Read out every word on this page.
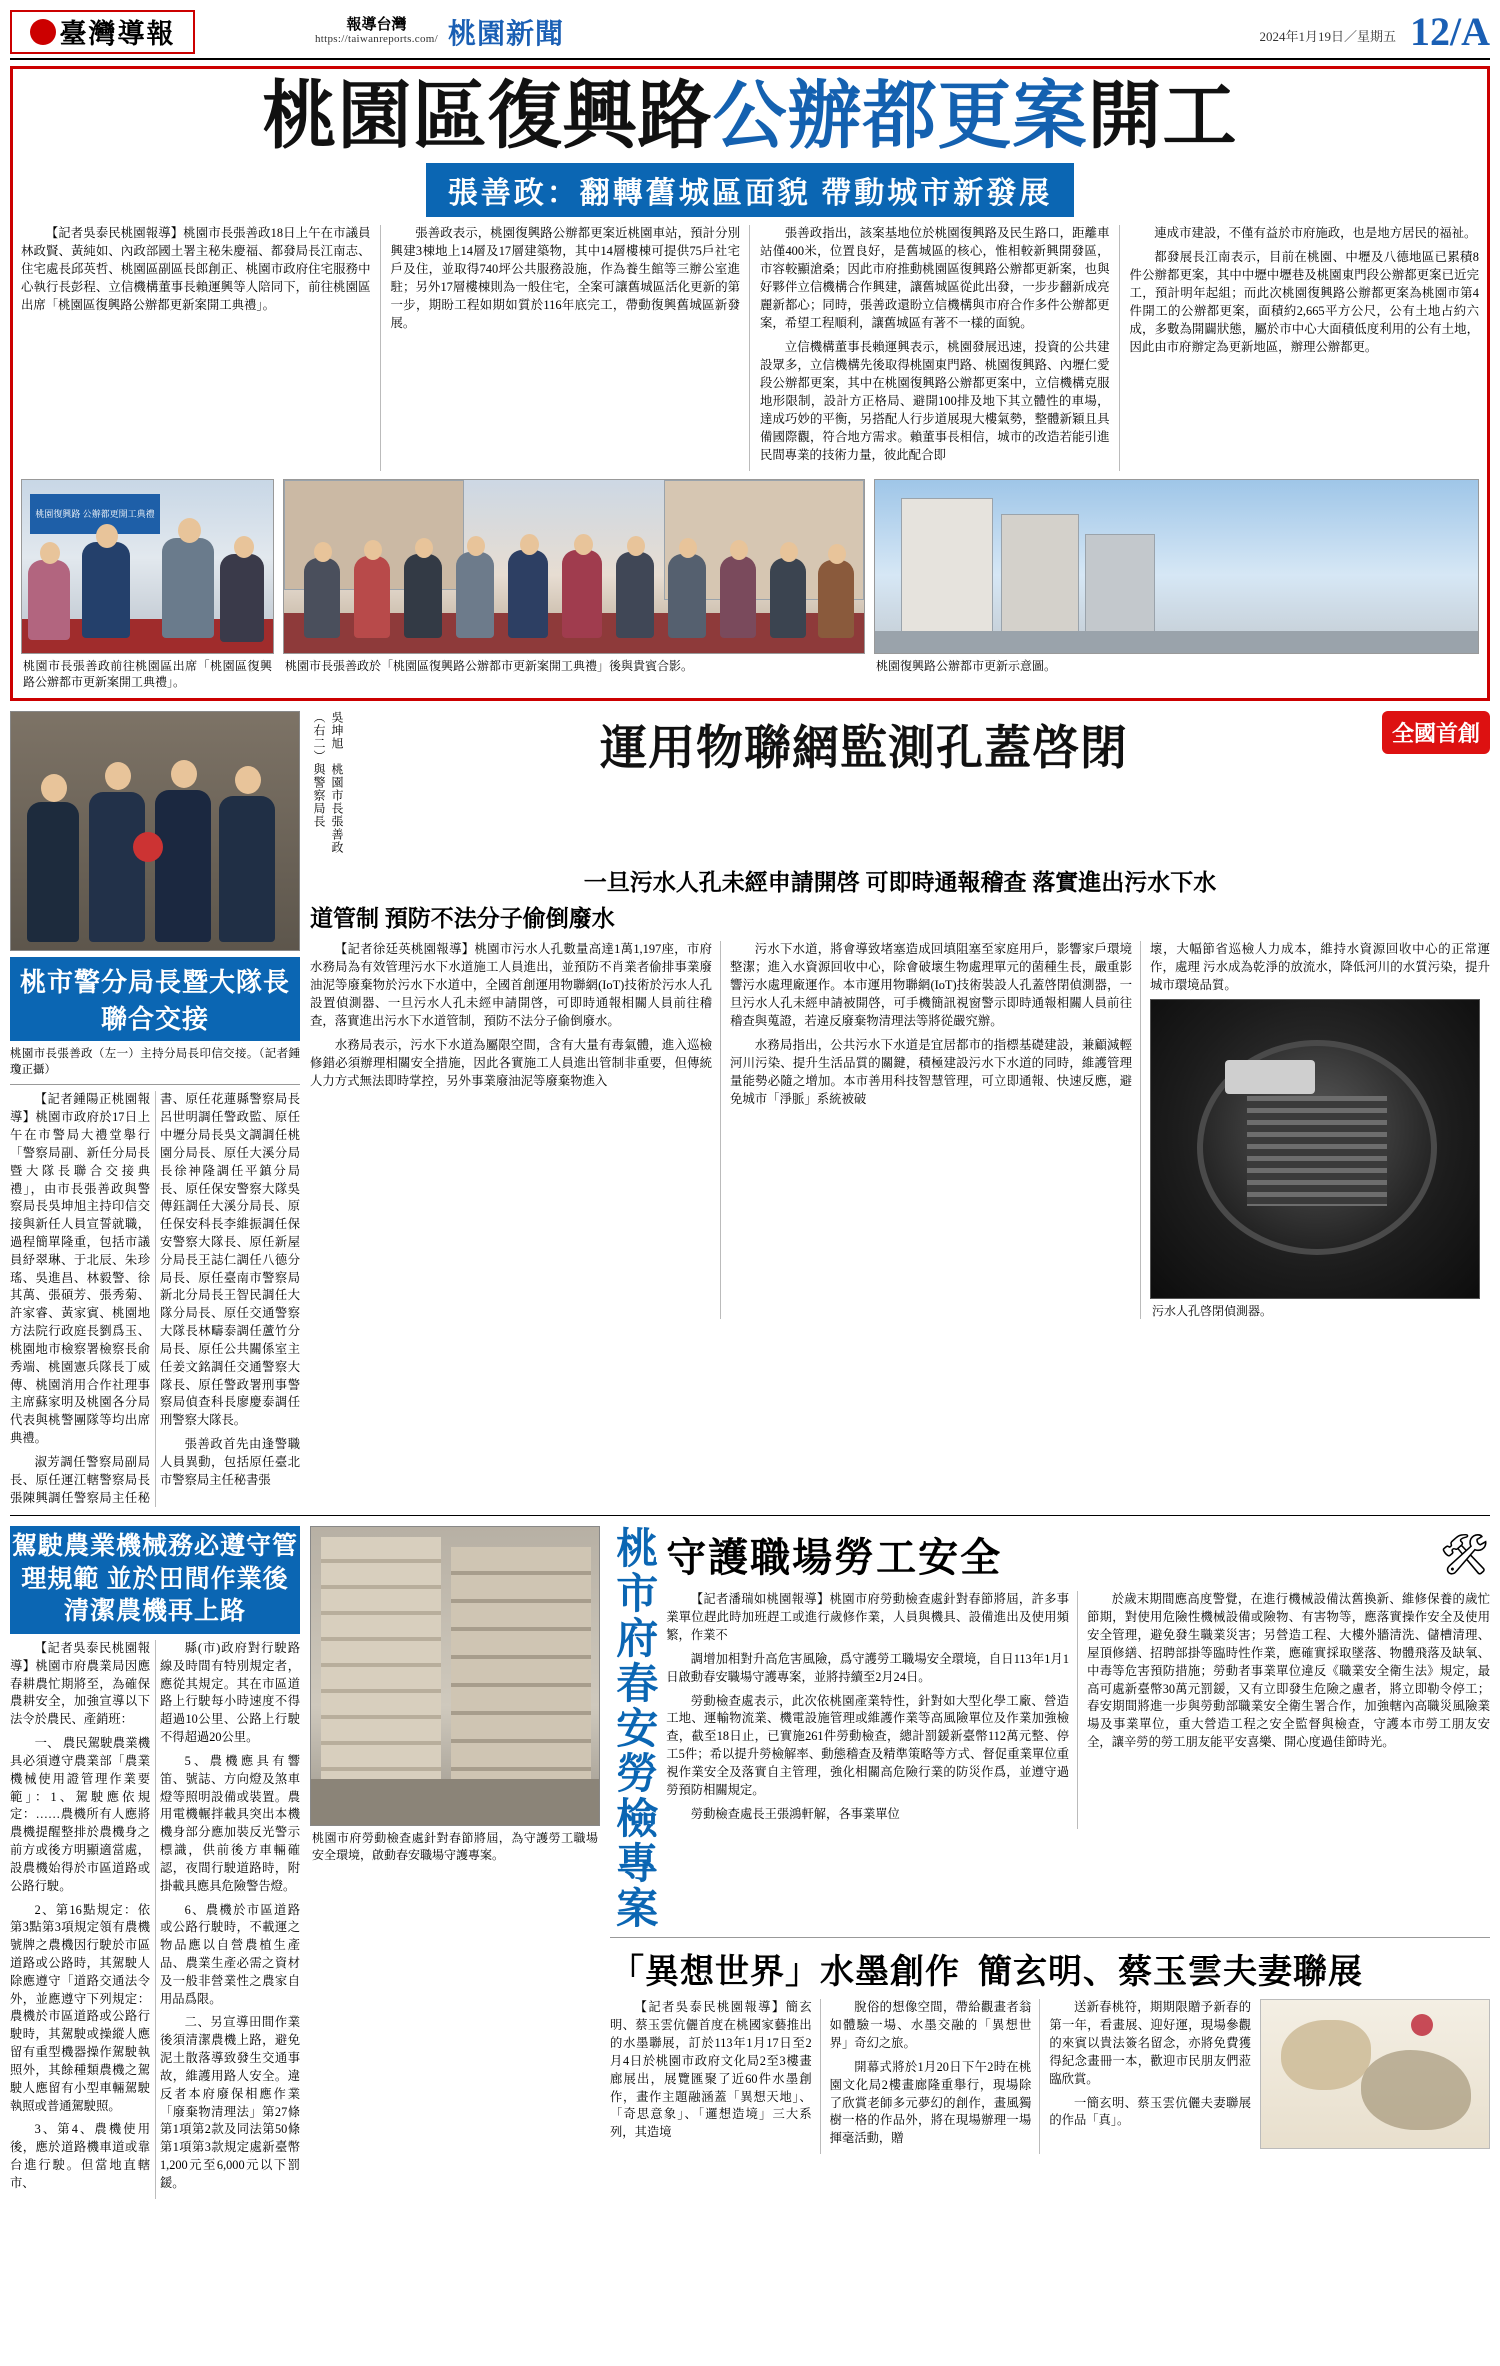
臺灣導報	報導台灣
https://taiwanreports.com/ 桃園新聞	2024年1月19日／星期五 12/A
桃園區復興路公辦都更案開工
張善政：翻轉舊城區面貌 帶動城市新發展

【記者吳泰民桃園報導】桃園市長張善政18日上午在市議員林政賢、黃純如、內政部國土署主秘朱慶福、都發局長江南志、住宅處長邱英哲、桃園區副區長郎創正、桃園市政府住宅服務中心執行長彭程、立信機構董事長賴運興等人陪同下，前往桃園區出席「桃園區復興路公辦都更新案開工典禮」。

張善政表示，桃園復興路公辦都更案近桃園車站，預計分別興建3棟地上14層及17層建築物，其中14層樓棟可提供75戶社宅戶及住，並取得740坪公共服務設施，作為養生館等三辦公室進駐；另外17層樓棟則為一般住宅，全案可讓舊城區活化更新的第一步，期盼工程如期如質於116年底完工，帶動復興舊城區新發展。

張善政指出，該案基地位於桃園復興路及民生路口，距離車站僅400米，位置良好，是舊城區的核心，惟相較新興開發區，市容較顯滄桑；因此市府推動桃園區復興路公辦都更新案，也與好夥伴立信機構合作興建，讓舊城區從此出發，一步步翻新成亮麗新都心；同時，張善政還盼立信機構與市府合作多件公辦都更案，希望工程順利，讓舊城區有著不一樣的面貌。

立信機構董事長賴運興表示，桃園發展迅速，投資的公共建設眾多，立信機構先後取得桃園東門路、桃園復興路、內壢仁愛段公辦都更案，其中在桃園復興路公辦都更案中，立信機構克服地形限制，設計方正格局、避開100排及地下其立體性的車場，達成巧妙的平衡，另搭配人行步道展現大樓氣勢，整體新穎且具備國際觀，符合地方需求。賴董事長相信，城市的改造若能引進民間專業的技術力量，彼此配合即

連成市建設，不僅有益於市府施政，也是地方居民的福祉。

都發展長江南表示，目前在桃園、中壢及八德地區已累積8件公辦都更案，其中中壢中壢巷及桃園東門段公辦都更案已近完工，預計明年起組；而此次桃園復興路公辦都更案為桃園市第4件開工的公辦都更案，面積約2,665平方公尺，公有土地占約六成，多數為開闢狀態，屬於市中心大面積低度利用的公有土地，因此由市府辦定為更新地區，辦理公辦都更。

桃園復興路 公辦都更開工典禮
桃園市長張善政前往桃園區出席「桃園區復興路公辦都市更新案開工典禮」。
桃園市長張善政於「桃園區復興路公辦都市更新案開工典禮」後與貴賓合影。	桃園復興路公辦都市更新示意圖。
桃市警分局長暨大隊長聯合交接
桃園市長張善政（左一）主持分局長印信交接。（記者鍾瓊正攝）

【記者鍾陽正桃園報導】桃園市政府於17日上午在市警局大禮堂舉行「警察局副、新任分局長暨大隊長聯合交接典禮」，由市長張善政與警察局長吳坤旭主持印信交接與新任人員宣誓就職，過程簡單隆重，包括市議員紓翠琳、于北辰、朱珍瑤、吳進昌、林毅警、徐其萬、張碩芳、張秀菊、許家睿、黃家賓、桃園地方法院行政庭長劉爲玉、桃園地市檢察署檢察長俞秀端、桃園憲兵隊長丁威傳、桃園消用合作社理事主席蘇家明及桃園各分局代表與桃警團隊等均出席典禮。

淑芳調任警察局副局長、原任運江轄警察局長張陳興調任警察局主任秘書、原任花蓮縣警察局長呂世明調任警政監、原任中壢分局長吳文調調任桃園分局長、原任大溪分局長徐神隆調任平鎮分局長、原任保安警察大隊吳傳鈺調任大溪分局長、原任保安科長李維振調任保安警察大隊長、原任新屋分局長王誌仁調任八德分局長、原任臺南市警察局新北分局長王智民調任大隊分局長、原任交通警察大隊長林疇泰調任蘆竹分局長、原任公共關係室主任姜文銘調任交通警察大隊長、原任警政署刑事警察局偵查科長廖慶泰調任刑警察大隊長。

張善政首先由逢警職人員異動，包括原任臺北市警察局主任秘書張

吳坤旭　桃園市長張善政（右二）與警察局長	運用物聯網監測孔蓋啓閉	全國首創
一旦污水人孔未經申請開啓 可即時通報稽查 落實進出污水下水
道管制 預防不法分子偷倒廢水

【記者徐廷英桃園報導】桃園市污水人孔數量高達1萬1,197座，市府水務局為有效管理污水下水道施工人員進出，並預防不肖業者偷排事業廢油泥等廢棄物於污水下水道中，全國首創運用物聯網(IoT)技術於污水人孔設置偵測器、一旦污水人孔未經申請開啓，可即時通報相關人員前往稽查，落實進出污水下水道管制，預防不法分子偷倒廢水。

水務局表示，污水下水道為屬限空間，含有大量有毒氣體，進入巡檢修錯必須辦理相關安全措施，因此各實施工人員進出管制非重要，但傳統人力方式無法即時掌控，另外事業廢油泥等廢棄物進入

污水下水道，將會導致堵塞造成回填阻塞至家庭用戶，影響家戶環境整潔；進入水資源回收中心，除會破壞生物處理單元的菌種生長，嚴重影響污水處理廠運作。本市運用物聯網(IoT)技術裝設人孔蓋啓閉偵測器，一旦污水人孔未經申請被開啓，可手機簡訊視窗警示即時通報相關人員前往稽查與蒐證，若違反廢棄物清理法等將從嚴究辦。

水務局指出，公共污水下水道是宜居都市的指標基礎建設，兼顧減輕河川污染、提升生活品質的關鍵，積極建設污水下水道的同時，維護管理量能勢必隨之增加。本市善用科技智慧管理，可立即通報、快速反應，避免城市「淨脈」系統被破

壞，大幅節省巡檢人力成本，維持水資源回收中心的正常運作，處理 污水成為乾淨的放流水，降低河川的水質污染，提升城市環境品質。
污水人孔啓閉偵測器。
駕駛農業機械務必遵守管理規範 並於田間作業後清潔農機再上路

【記者吳泰民桃園報導】桃園市府農業局因應春耕農忙期將至，為確保農耕安全，加強宣導以下法令於農民、產銷班：

一、 農民駕駛農業機具必須遵守農業部「農業機械使用證管理作業要範」：1、駕駛應依規定：……農機所有人應將農機提醒整排於農機身之前方或後方明顯適當處，設農機始得於市區道路或公路行駛。

2、第16點規定：依第3點第3項規定領有農機號牌之農機因行駛於市區道路或公路時，其駕駛人除應遵守「道路交通法令外，並應遵守下列規定：農機於市區道路或公路行駛時，其駕駛或操縱人應留有重型機器操作駕駛執照外，其餘種類農機之駕駛人應留有小型車輛駕駛執照或普通駕駛照。

3、第4、農機使用後，應於道路機車道或靠台進行駛。但當地直轄市、

縣(市)政府對行駛路線及時間有特別規定者，應從其規定。其在市區道路上行駛每小時速度不得超過10公里、公路上行駛不得超過20公里。

5、農機應具有響笛、號誌、方向燈及煞車燈等照明設備或裝置。農用電機輾拌載具突出本機機身部分應加裝反光警示標識，供前後方車輛確認，夜間行駛道路時，附掛載具應具危險警告燈。

6、農機於市區道路或公路行駛時，不載運之物品應以自營農植生產品、農業生產必需之資材及一般非營業性之農家自用品爲限。

二、另宣導田間作業後須清潔農機上路，避免泥土散落導致發生交通事故，維護用路人安全。違反者本府廢保相應作業「廢棄物清理法」第27條第1項第2款及同法第50條第1項第3款規定處新臺幣1,200元至6,000元以下罰鍰。

桃園市府勞動檢查處針對春節將屆，為守護勞工職場安全環境，啟動春安職場守護專案。	桃市府春安勞檢專案 守護職場勞工安全	🛠

【記者潘瑞如桃園報導】桃園市府勞動檢查處針對春節將屆，許多事業單位趕此時加班趕工或進行歲修作業，人員與機具、設備進出及使用頻繁，作業不

調增加相對升高危害風險，爲守護勞工職場安全環境，自日113年1月1日啟動春安職場守護專案，並將持續至2月24日。

勞動檢查處表示，此次依桃園產業特性，針對如大型化學工廠、營造工地、運輸物流業、機電設施管理或維護作業等高風險單位及作業加強檢查，截至18日止，已實施261件勞動檢查，總計罰鍰新臺幣112萬元整、停工5件；希以提升勞檢解率、動態稽查及精準策略等方式、督促重業單位重視作業安全及落實自主管理，強化相關高危險行業的防災作爲，並遵守過勞預防相關規定。

勞動檢查處長王張鴻軒解，各事業單位

於歲末期間應高度警覺，在進行機械設備汰舊換新、維修保養的歲忙節期，對使用危險性機械設備或險物、有害物等，應落實操作安全及使用安全管理，避免發生職業災害；另營造工程、大樓外牆清洗、儲槽清理、屋頂修繕、招聘部掛等臨時性作業，應確實採取墜落、物體飛落及缺氧、中毒等危害預防措施；勞動者事業單位違反《職業安全衛生法》規定，最高可處新臺幣30萬元罰鍰，又有立即發生危險之慮者，將立即勒令停工；春安期間將進一步與勞動部職業安全衛生署合作，加強轄內高職災風險業場及事業單位，重大營造工程之安全監督與檢查，守護本市勞工朋友安全，讓辛勞的勞工朋友能平安喜樂、開心度過佳節時光。

「異想世界」水墨創作 簡玄明、蔡玉雲夫妻聯展

【記者吳泰民桃園報導】簡玄明、蔡玉雲伉儷首度在桃國家藝推出的水墨聯展，訂於113年1月17日至2月4日於桃園市政府文化局2至3樓畫廊展出，展覽匯聚了近60件水墨創作，畫作主題融涵蓋「異想天地」、「奇思意象」、「邏想造境」三大系列，其造境

脫俗的想像空間，帶給觀畫者翁如體驗一場、水墨交融的「異想世界」奇幻之旅。

開幕式將於1月20日下午2時在桃園文化局2樓畫廊隆重舉行，現場除了欣賞老師多元夢幻的創作，畫風獨樹一格的作品外，將在現場辦理一場揮毫活動，贈

送新春桃符，期期限贈予新春的第一年，看畫展、迎好運，現場參觀的來賓以貴法簽名留念，亦將免費獲得紀念畫冊一本，歡迎市民朋友們蒞臨欣賞。

一簡玄明、蔡玉雲伉儷夫妻聯展的作品「真」。
